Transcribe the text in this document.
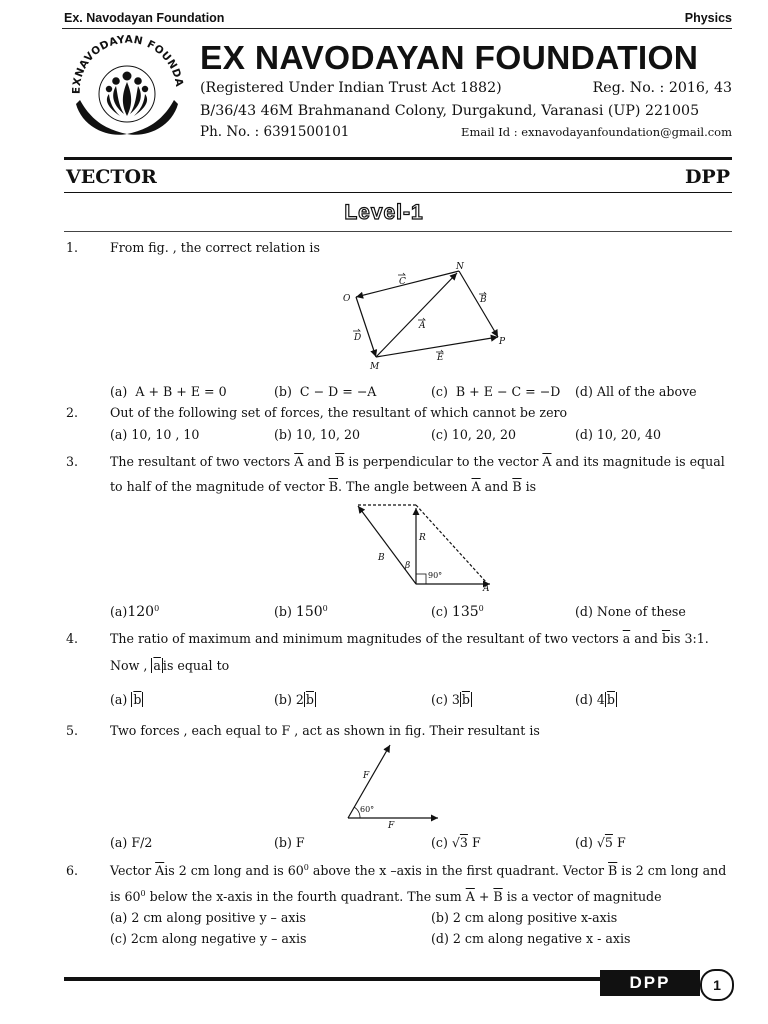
Ex. Navodayan Foundation	Physics
EXNAVODAYAN FOUNDA
EX NAVODAYAN FOUNDATION
(Registered Under Indian Trust Act 1882)	Reg. No. : 2016, 43
B/36/43 46M Brahmanand Colony, Durgakund, Varanasi (UP) 221005
Ph. No. : 6391500101	Email Id : exnavodayanfoundation@gmail.com
VECTOR	DPP
Level-1
1.	From fig. , the correct relation is
N
O
M
P
C
B
D
A
E
(a) A + B + E = 0	(b) C − D = −A	(c) B + E − C = −D (d) All of the above
2.	Out of the following set of forces, the resultant of which cannot be zero
(a) 10, 10 , 10	(b) 10, 10, 20	(c) 10, 20, 20	(d) 10, 20, 40
3.	The resultant of two vectors $\overline{A}$ and $\overline{B}$ is perpendicular to the vector $\overline{A}$ and its magnitude is equal
to half of the magnitude of vector $\overline{B}$. The angle between $\overline{A}$ and $\overline{B}$ is
B
R
β
90°
A
$(a)120^0$	(b) $150^0$	(c) $135^0$	(d) None of these
4.	The ratio of maximum and minimum magnitudes of the resultant of two vectors $\overline{a}$ and $\overline{b}is$ 3:1.
Now , $\overline{a}$ is equal to
(a) $\overline{b}$	(b) 2 $\overline{b}$	(c) 3 $\overline{b}$	(d) 4 $\overline{b}$
5.	Two forces , each equal to F , act as shown in fig. Their resultant is
F
F
60°
(a) F/2	(b) F	(c) √3 F	(d) √5 F
6.	Vector $\overline{A}is$ 2 cm long and is $60^0$ above the x –axis in the first quadrant. Vector $\overline{B}$ is 2 cm long and
is $60^0$ below the x-axis in the fourth quadrant. The sum $\overline{A} + \overline{B}$ is a vector of magnitude
(a) 2 cm along positive y – axis	(b) 2 cm along positive x-axis
(c) 2cm along negative y – axis	(d) 2 cm along negative x - axis
DPP	1
